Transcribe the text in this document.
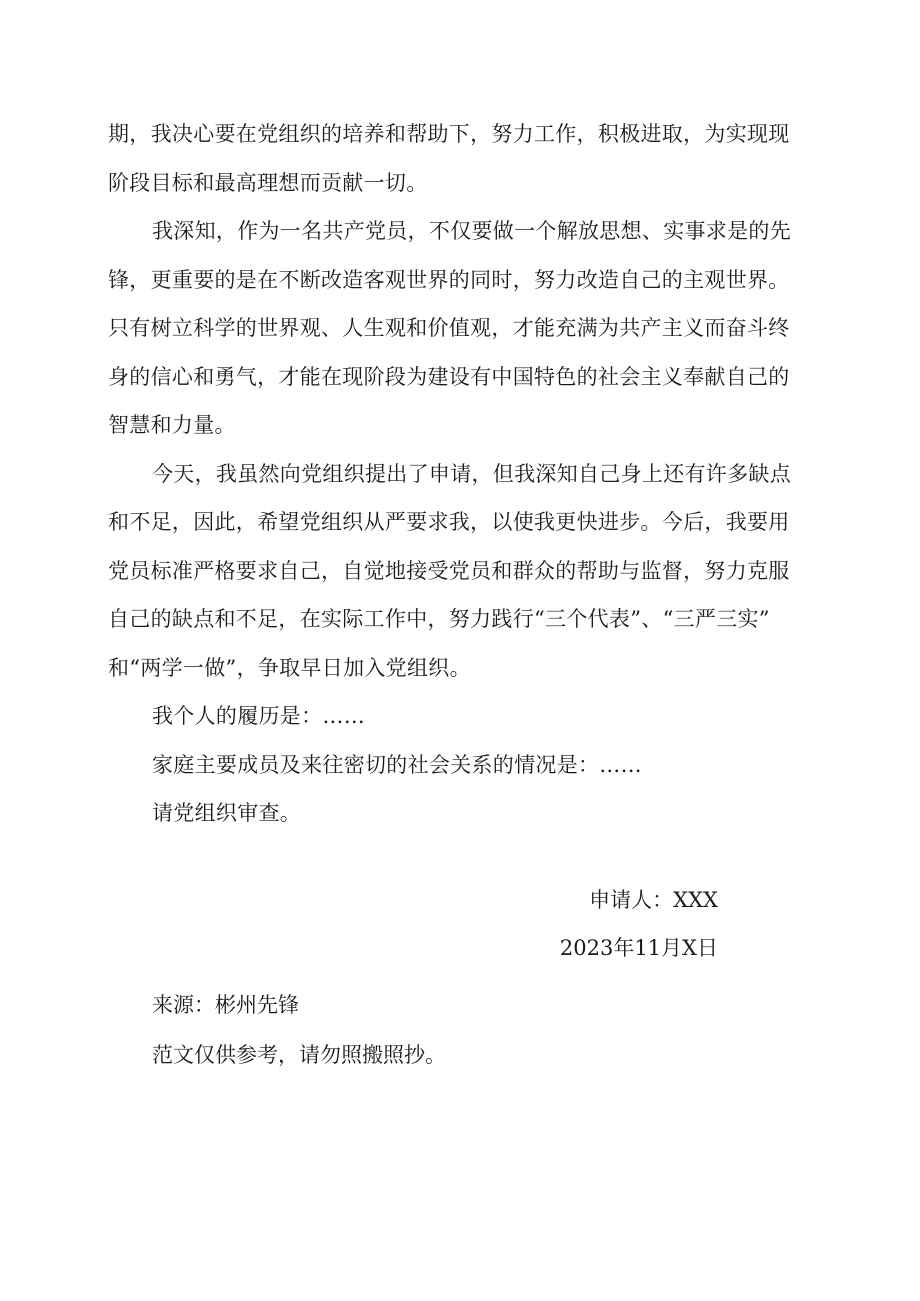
期，我决心要在党组织的培养和帮助下，努力工作，积极进取，为实现现
阶段目标和最高理想而贡献一切。
我深知，作为一名共产党员，不仅要做一个解放思想、实事求是的先
锋，更重要的是在不断改造客观世界的同时，努力改造自己的主观世界。
只有树立科学的世界观、人生观和价值观，才能充满为共产主义而奋斗终
身的信心和勇气，才能在现阶段为建设有中国特色的社会主义奉献自己的
智慧和力量。
今天，我虽然向党组织提出了申请，但我深知自己身上还有许多缺点
和不足，因此，希望党组织从严要求我，以使我更快进步。今后，我要用
党员标准严格要求自己，自觉地接受党员和群众的帮助与监督，努力克服
自己的缺点和不足，在实际工作中，努力践行“三个代表”、“三严三实”
和“两学一做”，争取早日加入党组织。
我个人的履历是：……
家庭主要成员及来往密切的社会关系的情况是：……
请党组织审查。
申请人：XXX
2023年11月X日
来源：彬州先锋
范文仅供参考，请勿照搬照抄。
